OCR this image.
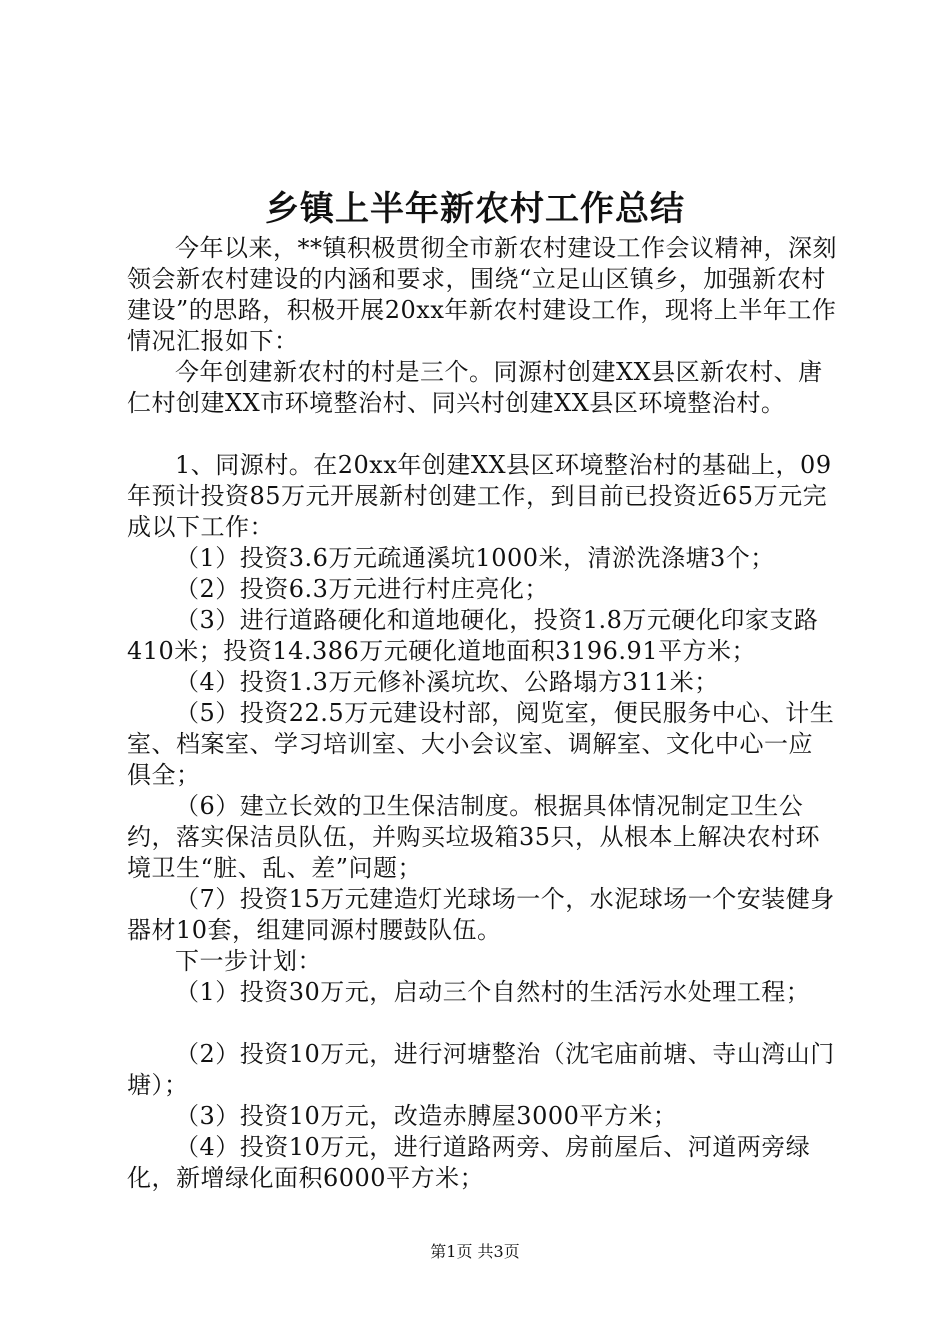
乡镇上半年新农村工作总结

今年以来，**镇积极贯彻全市新农村建设工作会议精神，深刻领会新农村建设的内涵和要求，围绕“立足山区镇乡，加强新农村建设”的思路，积极开展20xx年新农村建设工作，现将上半年工作情况汇报如下：

今年创建新农村的村是三个。同源村创建XX县区新农村、唐仁村创建XX市环境整治村、同兴村创建XX县区环境整治村。

1、同源村。在20xx年创建XX县区环境整治村的基础上，09年预计投资85万元开展新村创建工作，到目前已投资近65万元完成以下工作：

（1）投资3.6万元疏通溪坑1000米，清淤洗涤塘3个；

（2）投资6.3万元进行村庄亮化；

（3）进行道路硬化和道地硬化，投资1.8万元硬化印家支路410米；投资14.386万元硬化道地面积3196.91平方米；

（4）投资1.3万元修补溪坑坎、公路塌方311米；

（5）投资22.5万元建设村部，阅览室，便民服务中心、计生室、档案室、学习培训室、大小会议室、调解室、文化中心一应俱全；

（6）建立长效的卫生保洁制度。根据具体情况制定卫生公约，落实保洁员队伍，并购买垃圾箱35只，从根本上解决农村环境卫生“脏、乱、差”问题；

（7）投资15万元建造灯光球场一个，水泥球场一个安装健身器材10套，组建同源村腰鼓队伍。

下一步计划：

（1）投资30万元，启动三个自然村的生活污水处理工程；

（2）投资10万元，进行河塘整治（沈宅庙前塘、寺山湾山门塘）；

（3）投资10万元，改造赤膊屋3000平方米；

（4）投资10万元，进行道路两旁、房前屋后、河道两旁绿化，新增绿化面积6000平方米；

第1页 共3页
